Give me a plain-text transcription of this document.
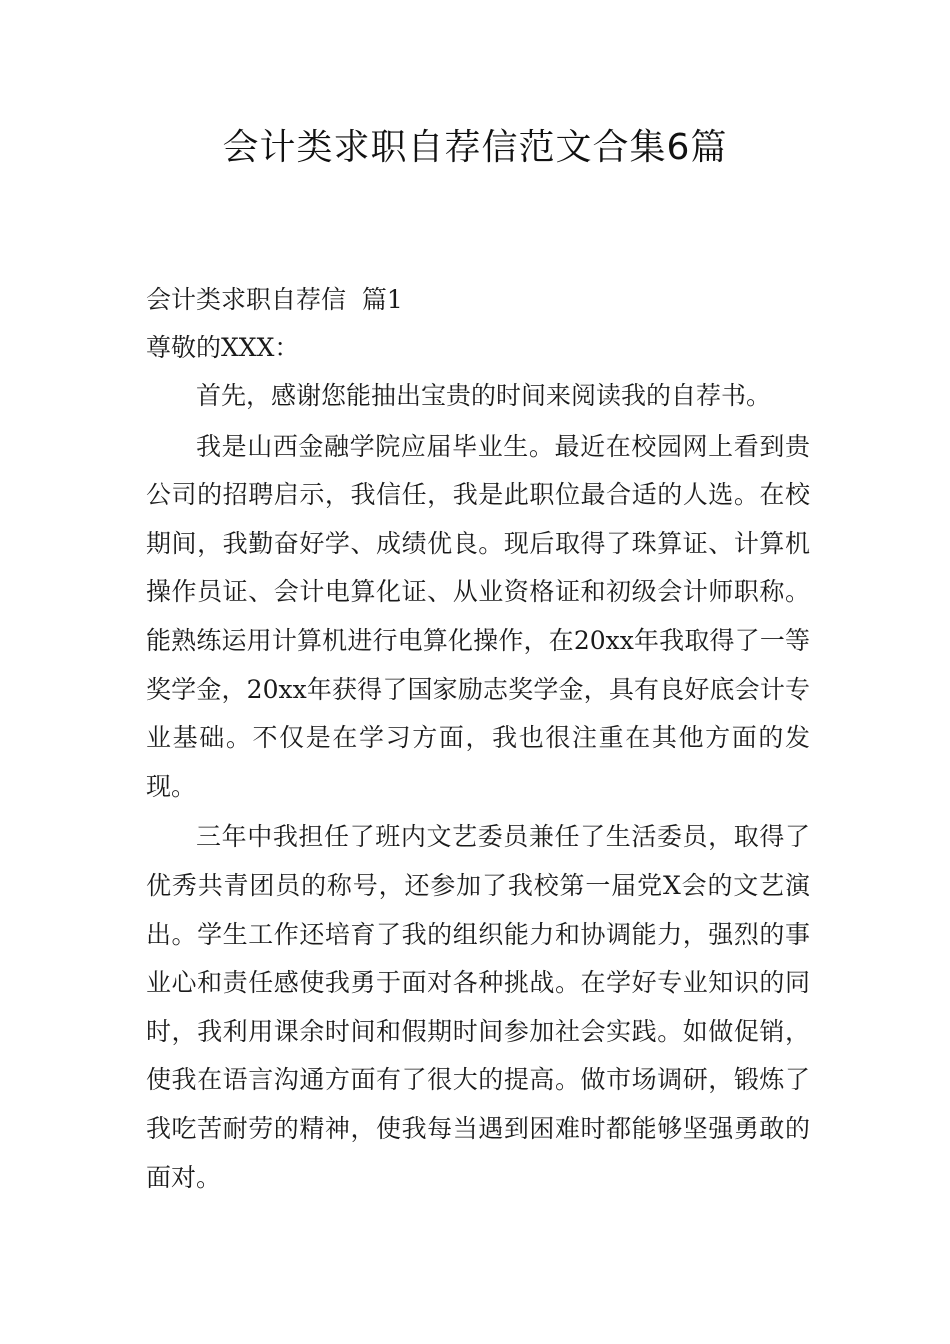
会计类求职自荐信范文合集6篇

会计类求职自荐信  篇1

尊敬的XXX：

首先，感谢您能抽出宝贵的时间来阅读我的自荐书。

我是山西金融学院应届毕业生。最近在校园网上看到贵公司的招聘启示，我信任，我是此职位最合适的人选。在校期间，我勤奋好学、成绩优良。现后取得了珠算证、计算机操作员证、会计电算化证、从业资格证和初级会计师职称。能熟练运用计算机进行电算化操作，在20xx年我取得了一等奖学金，20xx年获得了国家励志奖学金，具有良好底会计专业基础。不仅是在学习方面，我也很注重在其他方面的发现。

三年中我担任了班内文艺委员兼任了生活委员，取得了优秀共青团员的称号，还参加了我校第一届党X会的文艺演出。学生工作还培育了我的组织能力和协调能力，强烈的事业心和责任感使我勇于面对各种挑战。在学好专业知识的同时，我利用课余时间和假期时间参加社会实践。如做促销，使我在语言沟通方面有了很大的提高。做市场调研，锻炼了我吃苦耐劳的精神，使我每当遇到困难时都能够坚强勇敢的面对。
